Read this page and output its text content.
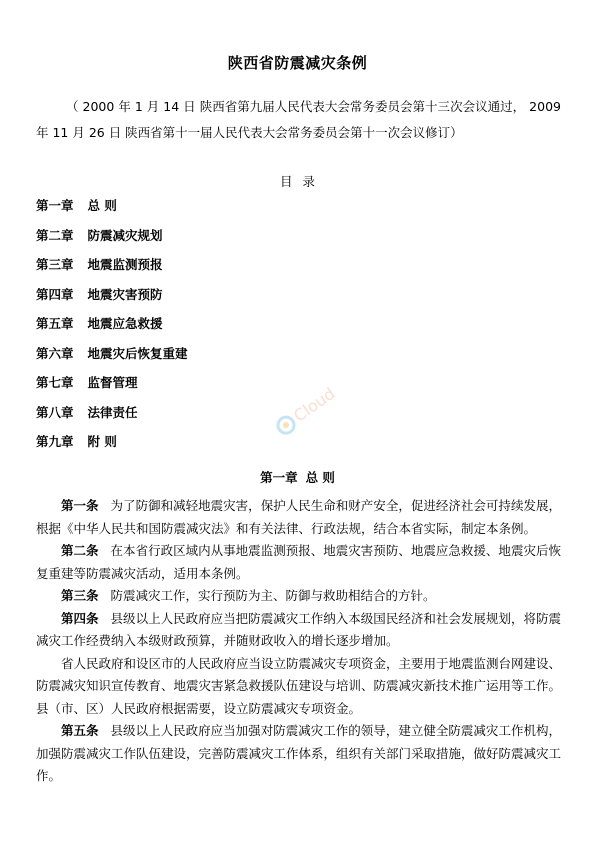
陕西省防震减灾条例
（ 2000 年 1 月 14 日 陕西省第九届人民代表大会常务委员会第十三次会议通过， 2009 年 11 月 26 日 陕西省第十一届人民代表大会常务委员会第十一次会议修订）
目录
第一章 总 则
第二章 防震减灾规划
第三章 地震监测预报
第四章 地震灾害预防
第五章 地震应急救援
第六章 地震灾后恢复重建
第七章 监督管理
第八章 法律责任
第九章 附 则
Cloud
第一章 总 则

第一条 为了防御和减轻地震灾害，保护人民生命和财产安全，促进经济社会可持续发展，根据《中华人民共和国防震减灾法》和有关法律、行政法规，结合本省实际，制定本条例。

第二条 在本省行政区域内从事地震监测预报、地震灾害预防、地震应急救援、地震灾后恢复重建等防震减灾活动，适用本条例。

第三条 防震减灾工作，实行预防为主、防御与救助相结合的方针。

第四条 县级以上人民政府应当把防震减灾工作纳入本级国民经济和社会发展规划，将防震减灾工作经费纳入本级财政预算，并随财政收入的增长逐步增加。

省人民政府和设区市的人民政府应当设立防震减灾专项资金，主要用于地震监测台网建设、防震减灾知识宣传教育、地震灾害紧急救援队伍建设与培训、防震减灾新技术推广运用等工作。县（市、区）人民政府根据需要，设立防震减灾专项资金。

第五条 县级以上人民政府应当加强对防震减灾工作的领导，建立健全防震减灾工作机构，加强防震减灾工作队伍建设，完善防震减灾工作体系，组织有关部门采取措施，做好防震减灾工作。
